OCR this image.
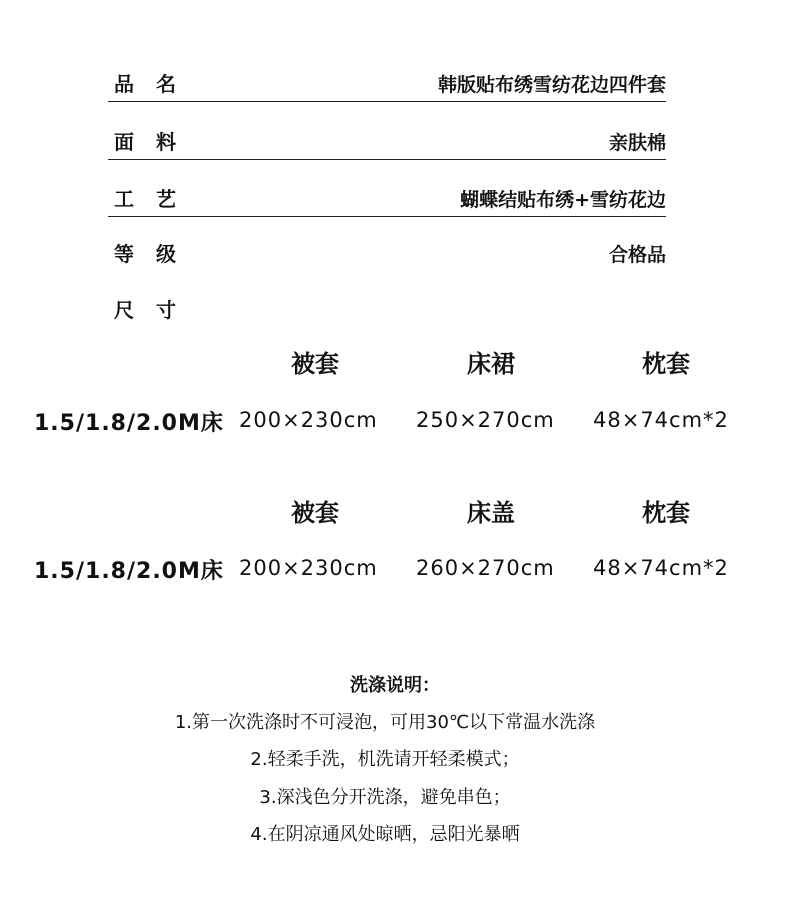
品名	韩版贴布绣雪纺花边四件套
面料	亲肤棉
工艺	蝴蝶结贴布绣+雪纺花边
等级	合格品
尺寸
被套	床裙	枕套
1.5/1.8/2.0M床 200×230cm 250×270cm 48×74cm*2
被套	床盖	枕套
1.5/1.8/2.0M床 200×230cm 260×270cm 48×74cm*2
洗涤说明：
1.第一次洗涤时不可浸泡，可用30℃以下常温水洗涤
2.轻柔手洗，机洗请开轻柔模式；
3.深浅色分开洗涤，避免串色；
4.在阴凉通风处晾晒，忌阳光暴晒
